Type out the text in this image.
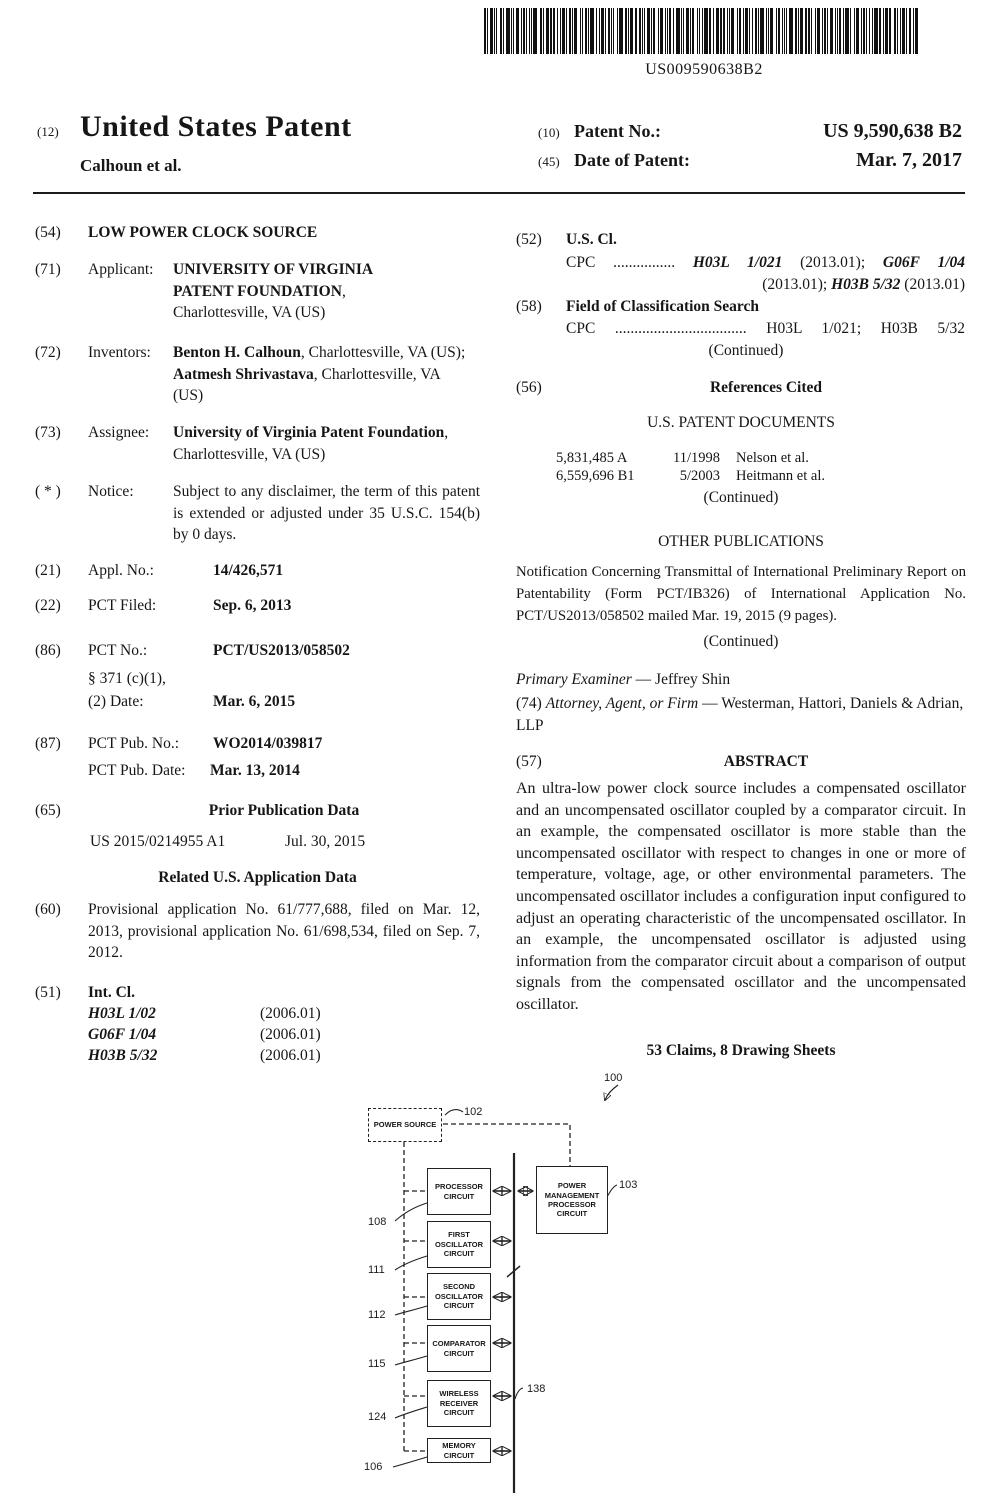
US009590638B2
(12) United States Patent
Calhoun et al.
(10) Patent No.:	US 9,590,638 B2
(45) Date of Patent:	Mar. 7, 2017
(54)	LOW POWER CLOCK SOURCE
(71)	Applicant:	UNIVERSITY OF VIRGINIA PATENT FOUNDATION, Charlottesville, VA (US)
(72)	Inventors:	Benton H. Calhoun, Charlottesville, VA (US); Aatmesh Shrivastava, Charlottesville, VA (US)
(73)	Assignee:	University of Virginia Patent Foundation, Charlottesville, VA (US)
( * )	Notice:	Subject to any disclaimer, the term of this patent is extended or adjusted under 35 U.S.C. 154(b) by 0 days.
(21)	Appl. No.:	14/426,571
(22)	PCT Filed:	Sep. 6, 2013
(86)	PCT No.:	PCT/US2013/058502
§ 371 (c)(1),
(2) Date:	Mar. 6, 2015
(87)	PCT Pub. No.:	WO2014/039817
PCT Pub. Date:	Mar. 13, 2014
(65)	Prior Publication Data
US 2015/0214955 A1	Jul. 30, 2015
Related U.S. Application Data
(60)	Provisional application No. 61/777,688, filed on Mar. 12, 2013, provisional application No. 61/698,534, filed on Sep. 7, 2012.
(51)	Int. Cl.
H03L 1/02	(2006.01)
G06F 1/04	(2006.01)
H03B 5/32	(2006.01)
(52)	U.S. Cl.
CPC ................ H03L 1/021 (2013.01); G06F 1/04
(2013.01); H03B 5/32 (2013.01)
(58)	Field of Classification Search
CPC .................................. H03L 1/021; H03B 5/32
(Continued)
(56)	References Cited
U.S. PATENT DOCUMENTS
5,831,485 A	11/1998 Nelson et al.
6,559,696 B1	5/2003 Heitmann et al.
(Continued)
OTHER PUBLICATIONS
Notification Concerning Transmittal of International Preliminary Report on Patentability (Form PCT/IB326) of International Application No. PCT/US2013/058502 mailed Mar. 19, 2015 (9 pages).
(Continued)
Primary Examiner — Jeffrey Shin
(74) Attorney, Agent, or Firm — Westerman, Hattori, Daniels & Adrian, LLP
(57)	ABSTRACT
An ultra-low power clock source includes a compensated oscillator and an uncompensated oscillator coupled by a comparator circuit. In an example, the compensated oscillator is more stable than the uncompensated oscillator with respect to changes in one or more of temperature, voltage, age, or other environmental parameters. The uncompensated oscillator includes a configuration input configured to adjust an operating characteristic of the uncompensated oscillator. In an example, the uncompensated oscillator is adjusted using information from the comparator circuit about a comparison of output signals from the compensated oscillator and the uncompensated oscillator.
53 Claims, 8 Drawing Sheets
POWER SOURCE
PROCESSOR CIRCUIT
POWER MANAGEMENT PROCESSOR CIRCUIT
FIRST OSCILLATOR CIRCUIT
SECOND OSCILLATOR CIRCUIT
COMPARATOR CIRCUIT
WIRELESS RECEIVER CIRCUIT
MEMORY CIRCUIT
100
102
103
108
111
112
115
124
106
138
